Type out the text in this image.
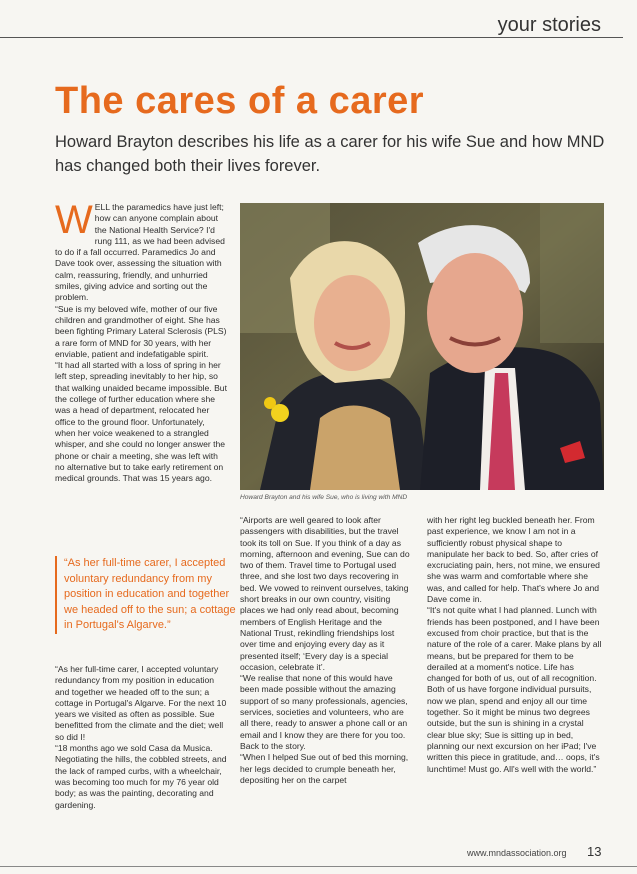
your stories
The cares of a carer
Howard Brayton describes his life as a carer for his wife Sue and how MND has changed both their lives forever.
W ELL the paramedics have just left; how can anyone complain about the National Health Service? I'd rung 111, as we had been advised to do if a fall occurred. Paramedics Jo and Dave took over, assessing the situation with calm, reassuring, friendly, and unhurried smiles, giving advice and sorting out the problem.
“Sue is my beloved wife, mother of our five children and grandmother of eight. She has been fighting Primary Lateral Sclerosis (PLS) a rare form of MND for 30 years, with her enviable, patient and indefatigable spirit.
“It had all started with a loss of spring in her left step, spreading inevitably to her hip, so that walking unaided became impossible. But the college of further education where she was a head of department, relocated her office to the ground floor. Unfortunately, when her voice weakened to a strangled whisper, and she could no longer answer the phone or chair a meeting, she was left with no alternative but to take early retirement on medical grounds. That was 15 years ago.

Howard Brayton and his wife Sue, who is living with MND

“As her full-time carer, I accepted voluntary redundancy from my position in education and together we headed off to the sun; a cottage in Portugal's Algarve.”

“As her full-time carer, I accepted voluntary redundancy from my position in education and together we headed off to the sun; a cottage in Portugal's Algarve. For the next 10 years we visited as often as possible. Sue benefitted from the climate and the diet; well so did I!
“18 months ago we sold Casa da Musica. Negotiating the hills, the cobbled streets, and the lack of ramped curbs, with a wheelchair, was becoming too much for my 76 year old body; as was the painting, decorating and gardening.

“Airports are well geared to look after passengers with disabilities, but the travel took its toll on Sue. If you think of a day as morning, afternoon and evening, Sue can do two of them. Travel time to Portugal used three, and she lost two days recovering in bed. We vowed to reinvent ourselves, taking short breaks in our own country, visiting places we had only read about, becoming members of English Heritage and the National Trust, rekindling friendships lost over time and enjoying every day as it presented itself; ‘Every day is a special occasion, celebrate it’.
“We realise that none of this would have been made possible without the amazing support of so many professionals, agencies, services, societies and volunteers, who are all there, ready to answer a phone call or an email and I know they are there for you too. Back to the story.
“When I helped Sue out of bed this morning, her legs decided to crumple beneath her, depositing her on the carpet

with her right leg buckled beneath her. From past experience, we know I am not in a sufficiently robust physical shape to manipulate her back to bed. So, after cries of excruciating pain, hers, not mine, we ensured she was warm and comfortable where she was, and called for help. That's where Jo and Dave come in.
“It's not quite what I had planned. Lunch with friends has been postponed, and I have been excused from choir practice, but that is the nature of the role of a carer. Make plans by all means, but be prepared for them to be derailed at a moment's notice. Life has changed for both of us, out of all recognition. Both of us have forgone individual pursuits, now we plan, spend and enjoy all our time together. So it might be minus two degrees outside, but the sun is shining in a crystal clear blue sky; Sue is sitting up in bed, planning our next excursion on her iPad; I've written this piece in gratitude, and… oops, it's lunchtime! Must go. All's well with the world.”

www.mndassociation.org 13
